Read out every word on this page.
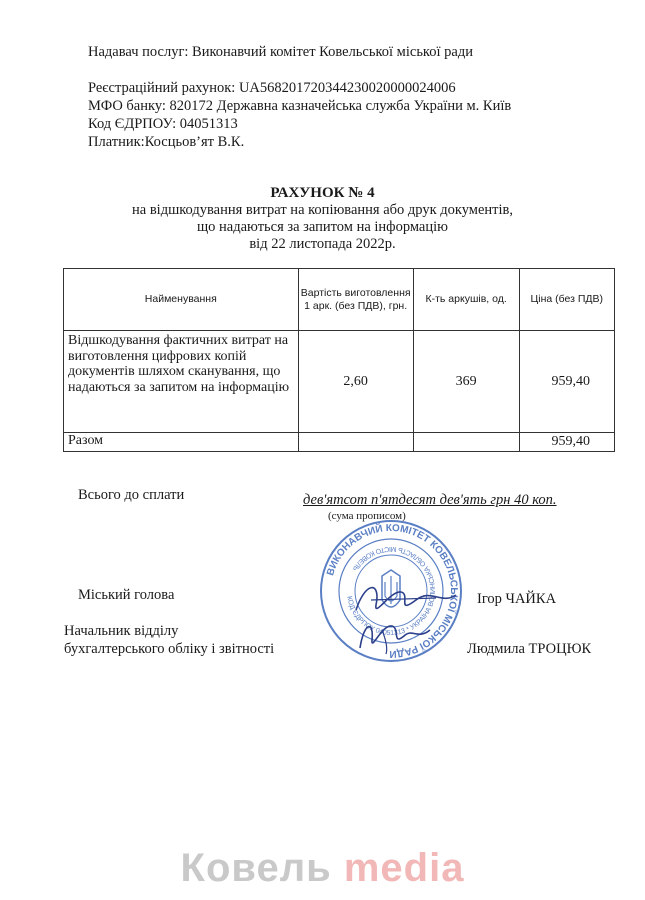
Надавач послуг: Виконавчий комітет Ковельської міської ради
Реєстраційний рахунок: UA568201720344230020000024006
МФО банку: 820172 Державна казначейська служба України м. Київ
Код ЄДРПОУ: 04051313
Платник:Косцьов’ят В.К.
РАХУНОК № 4
на відшкодування витрат на копіювання або друк документів,
що надаються за запитом на інформацію
від 22 листопада 2022р.
Найменування	Вартість виготовлення 1 арк. (без ПДВ), грн.	К-ть аркушів, од.	Ціна (без ПДВ)
Відшкодування фактичних витрат на виготовлення цифрових копій документів шляхом сканування, що надаються за запитом на інформацію	2,60	369	959,40
Разом			959,40
Всього до сплати	дев'ятсот п'ятдесят дев'ять грн 40 коп.
(сума прописом)
ВИКОНАВЧИЙ КОМІТЕТ КОВЕЛЬСЬКОЇ МІСЬКОЇ РАДИ
КОД ЄДРПОУ 04051313 * УКРАЇНА ВОЛИНСЬКА ОБЛАСТЬ МІСТО КОВЕЛЬ
Міський голова	Ігор ЧАЙКА
Начальник відділу
бухгалтерського обліку і звітності	Людмила ТРОЦЮК
Ковель media
